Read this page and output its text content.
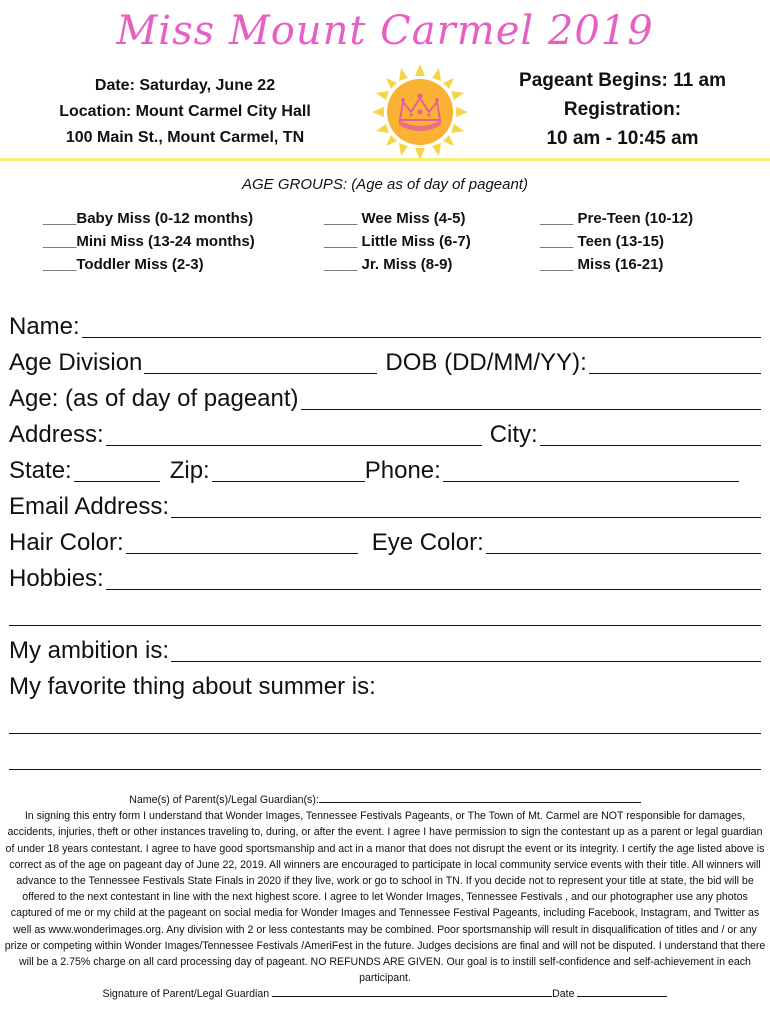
Miss Mount Carmel 2019
Date: Saturday, June 22
Location: Mount Carmel City Hall
100 Main St., Mount Carmel, TN
Pageant Begins: 11 am
Registration:
10 am - 10:45 am
AGE GROUPS: (Age as of day of pageant)
____Baby Miss (0-12 months)
____Mini Miss (13-24 months)
____Toddler Miss (2-3)
____ Wee Miss (4-5)
____ Little Miss (6-7)
____ Jr. Miss (8-9)
____ Pre-Teen (10-12)
____ Teen (13-15)
____ Miss (16-21)
Name:
Age Division	DOB (DD/MM/YY):
Age: (as of day of pageant)
Address:	City:
State:	Zip:	Phone:
Email Address:
Hair Color:	Eye Color:
Hobbies:
My ambition is:
My favorite thing about summer is:
Name(s) of Parent(s)/Legal Guardian(s):
In signing this entry form I understand that Wonder Images, Tennessee Festivals Pageants, or The Town of Mt. Carmel are NOT responsible for damages, accidents, injuries, theft or other instances traveling to, during, or after the event. I agree I have permission to sign the contestant up as a parent or legal guardian of under 18 years contestant. I agree to have good sportsmanship and act in a manor that does not disrupt the event or its integrity. I certify the age listed above is correct as of the age on pageant day of June 22, 2019. All winners are encouraged to participate in local community service events with their title. All winners will advance to the Tennessee Festivals State Finals in 2020 if they live, work or go to school in TN. If you decide not to represent your title at state, the bid will be offered to the next contestant in line with the next highest score. I agree to let Wonder Images, Tennessee Festivals , and our photographer use any photos captured of me or my child at the pageant on social media for Wonder Images and Tennessee Festival Pageants, including Facebook, Instagram, and Twitter as well as www.wonderimages.org. Any division with 2 or less contestants may be combined. Poor sportsmanship will result in disqualification of titles and / or any prize or competing within Wonder Images/Tennessee Festivals /AmeriFest in the future. Judges decisions are final and will not be disputed. I understand that there will be a 2.75% charge on all card processing day of pageant. NO REFUNDS ARE GIVEN. Our goal is to instill self-confidence and self-achievement in each participant.
Signature of Parent/Legal Guardian	Date
